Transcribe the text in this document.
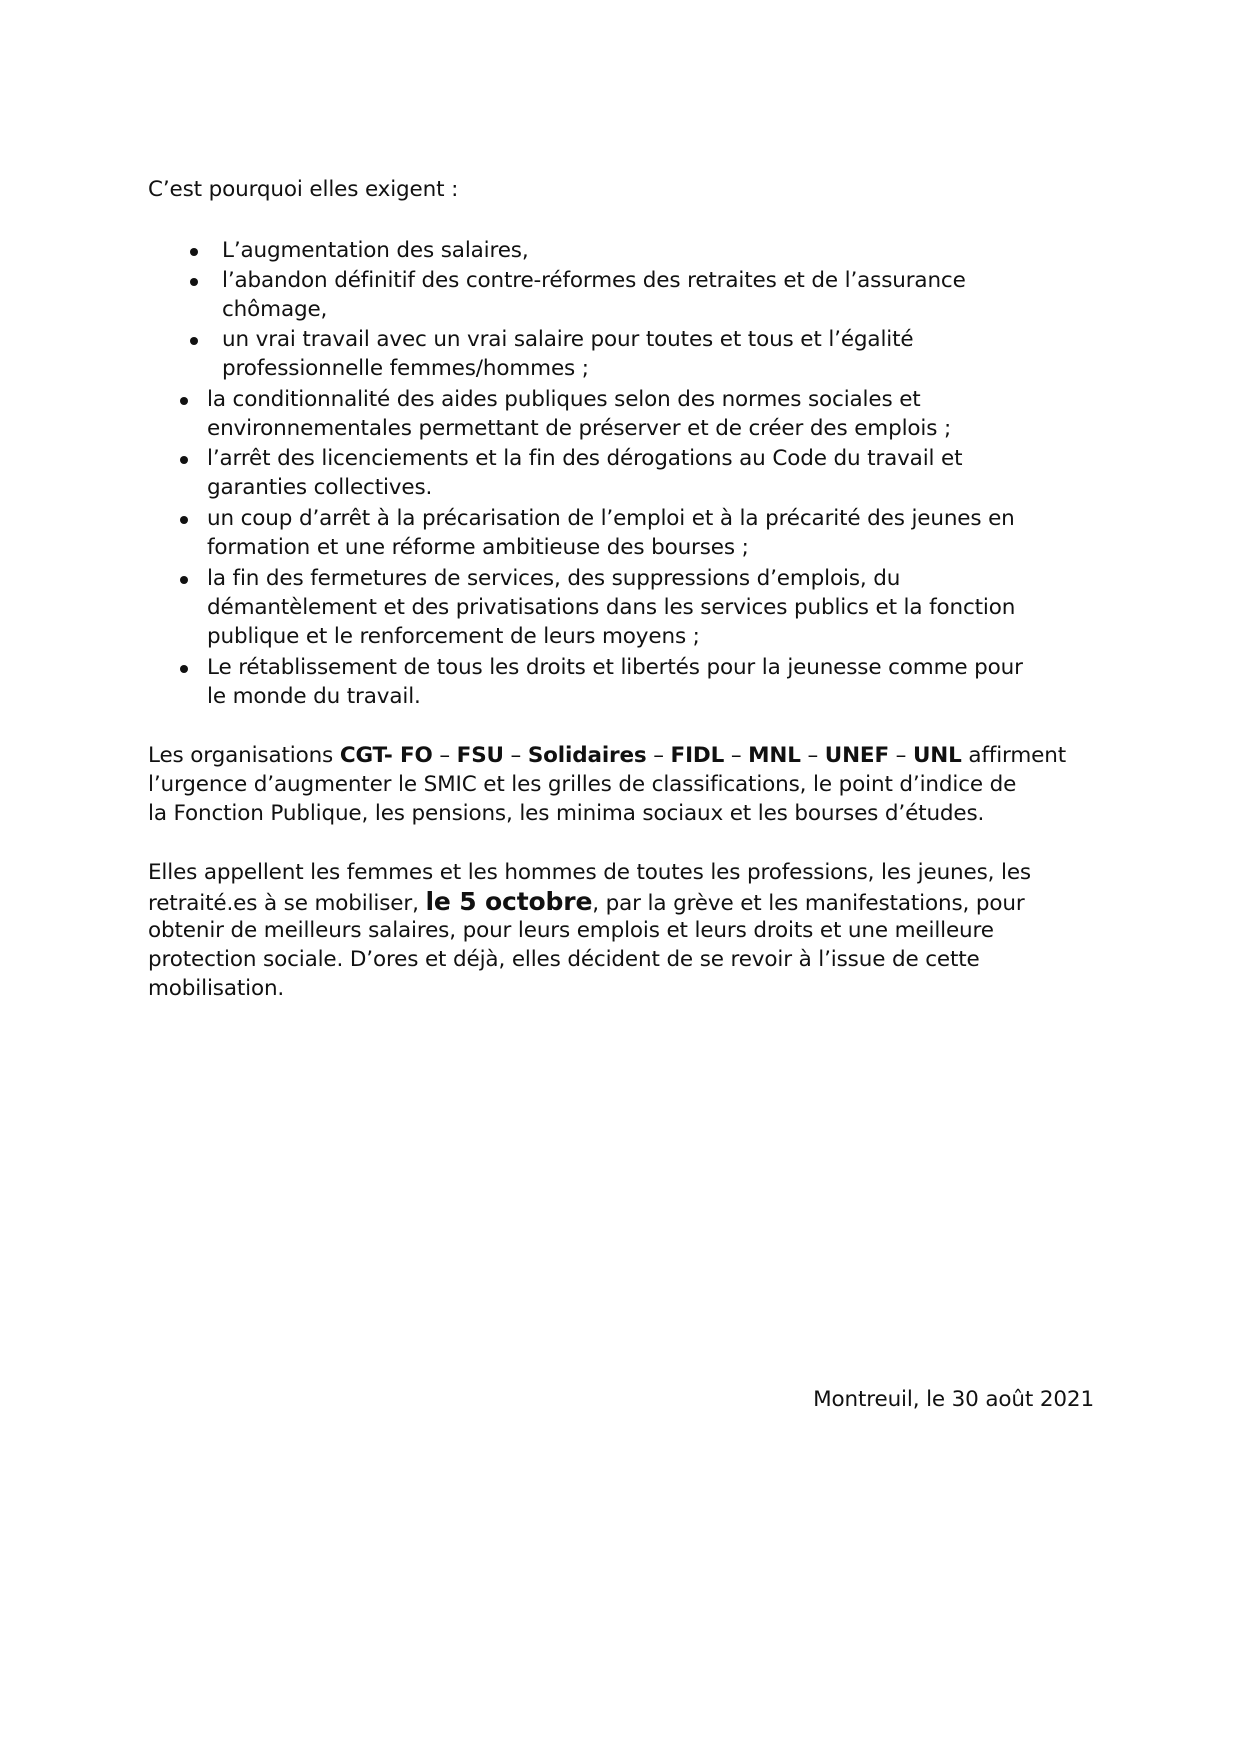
C’est pourquoi elles exigent :
L’augmentation des salaires,
l’abandon définitif des contre-réformes des retraites et de l’assurance
chômage,
un vrai travail avec un vrai salaire pour toutes et tous et l’égalité
professionnelle femmes/hommes ;
la conditionnalité des aides publiques selon des normes sociales et
environnementales permettant de préserver et de créer des emplois ;
l’arrêt des licenciements et la fin des dérogations au Code du travail et
garanties collectives.
un coup d’arrêt à la précarisation de l’emploi et à la précarité des jeunes en
formation et une réforme ambitieuse des bourses ;
la fin des fermetures de services, des suppressions d’emplois, du
démantèlement et des privatisations dans les services publics et la fonction
publique et le renforcement de leurs moyens ;
Le rétablissement de tous les droits et libertés pour la jeunesse comme pour
le monde du travail.
Les organisations CGT- FO – FSU – Solidaires – FIDL – MNL – UNEF – UNL affirment
l’urgence d’augmenter le SMIC et les grilles de classifications, le point d’indice de
la Fonction Publique, les pensions, les minima sociaux et les bourses d’études.
Elles appellent les femmes et les hommes de toutes les professions, les jeunes, les
retraité.es à se mobiliser, le 5 octobre, par la grève et les manifestations, pour
obtenir de meilleurs salaires, pour leurs emplois et leurs droits et une meilleure
protection sociale. D’ores et déjà, elles décident de se revoir à l’issue de cette
mobilisation.
Montreuil, le 30 août 2021
